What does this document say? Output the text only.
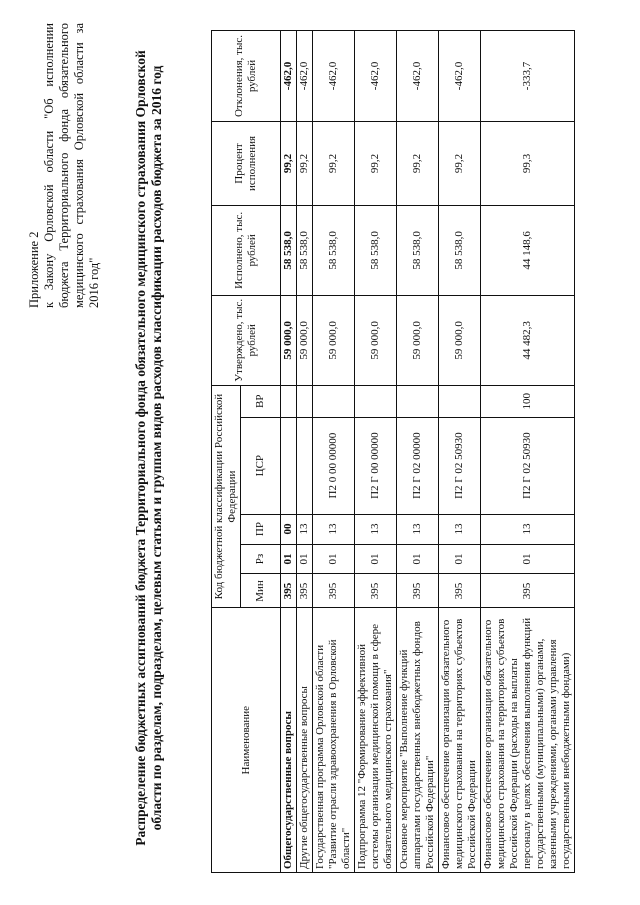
Приложение 2 к Закону Орловской области "Об исполнении бюджета Территориального фонда обязательного медицинского страхования Орловской области за 2016 год" Распределение бюджетных ассигнований бюджета Территориального фонда обязательного медицинского страхования Орловской области по разделам, подразделам, целевым статьям и группам видов расходов классификации расходов бюджета за 2016 год	Наименование	Код бюджетной классификации Российской Федерации					Утверждено, тыс. рублей	Исполнено, тыс. рублей	Процент исполнения	Отклонения, тыс. рублей
	Мин	Рз	ПР	ЦСР	ВР				
Общегосударственные вопросы	395	01	00			59 000,0	58 538,0	99,2	-462,0
Другие общегосударственные вопросы	395	01	13			59 000,0	58 538,0	99,2	-462,0
Государственная программа Орловской области "Развитие отрасли здравоохранения в Орловской области"	395	01	13	П2 0 00 00000		59 000,0	58 538,0	99,2	-462,0
Подпрограмма 12 "Формирование эффективной системы организации медицинской помощи в сфере обязательного медицинского страхования"	395	01	13	П2 Г 00 00000		59 000,0	58 538,0	99,2	-462,0
Основное мероприятие "Выполнение функций аппаратами государственных внебюджетных фондов Российской Федерации"	395	01	13	П2 Г 02 00000		59 000,0	58 538,0	99,2	-462,0
Финансовое обеспечение организации обязательного медицинского страхования на территориях субъектов Российской Федерации	395	01	13	П2 Г 02 50930		59 000,0	58 538,0	99,2	-462,0
Финансовое обеспечение организации обязательного медицинского страхования на территориях субъектов Российской Федерации (расходы на выплаты персоналу в целях обеспечения выполнения функций государственными (муниципальными) органами, казенными учреждениями, органами управления государственными внебюджетными фондами)	395	01	13	П2 Г 02 50930	100	44 482,3	44 148,6	99,3	-333,7
